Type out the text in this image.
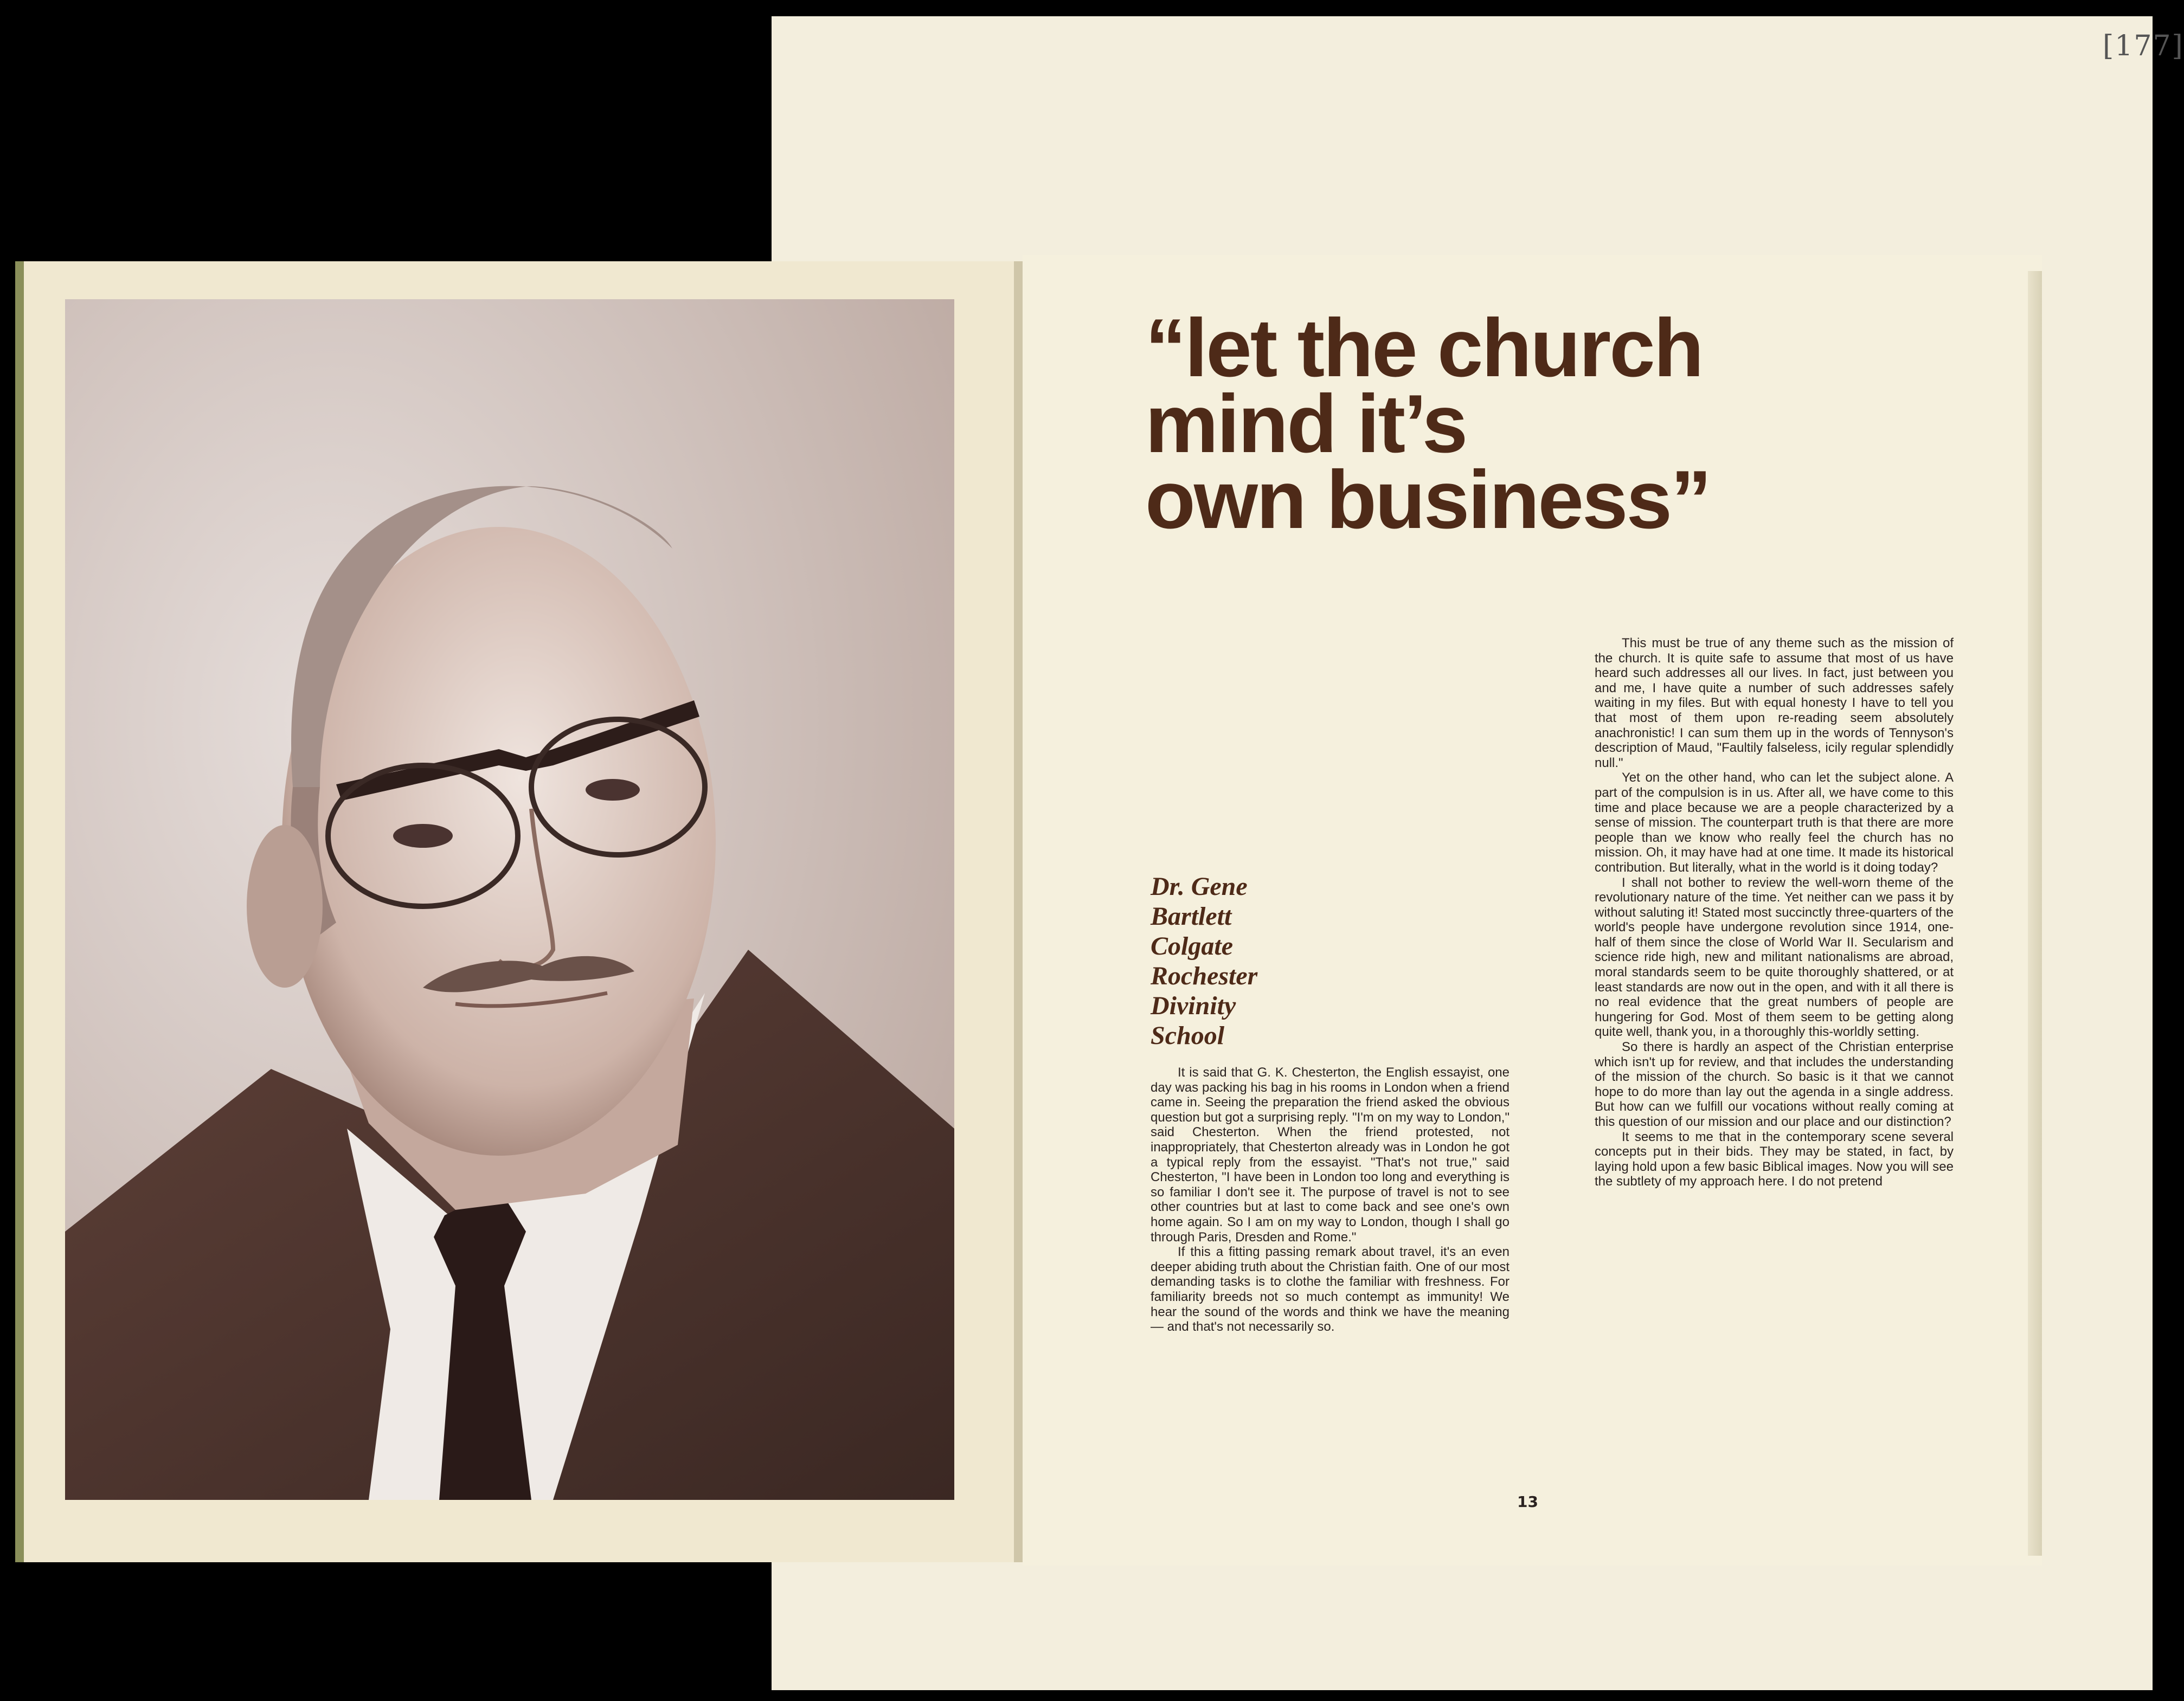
[177]
“let the church
mind it’s
own business”
Dr. Gene
Bartlett
Colgate
Rochester
Divinity
School

It is said that G. K. Chesterton, the English essayist, one day was packing his bag in his rooms in London when a friend came in. Seeing the preparation the friend asked the obvious question but got a surprising reply. "I'm on my way to London," said Chesterton. When the friend protested, not inappropriately, that Chesterton already was in London he got a typical reply from the essayist. "That's not true," said Chesterton, "I have been in London too long and everything is so familiar I don't see it. The purpose of travel is not to see other countries but at last to come back and see one's own home again. So I am on my way to London, though I shall go through Paris, Dresden and Rome."

If this a fitting passing remark about travel, it's an even deeper abiding truth about the Christian faith. One of our most demanding tasks is to clothe the familiar with freshness. For familiarity breeds not so much contempt as immunity! We hear the sound of the words and think we have the meaning — and that's not necessarily so.

This must be true of any theme such as the mission of the church. It is quite safe to assume that most of us have heard such addresses all our lives. In fact, just between you and me, I have quite a number of such addresses safely waiting in my files. But with equal honesty I have to tell you that most of them upon re-reading seem absolutely anachronistic! I can sum them up in the words of Tennyson's description of Maud, "Faultily falseless, icily regular splendidly null."

Yet on the other hand, who can let the subject alone. A part of the compulsion is in us. After all, we have come to this time and place because we are a people characterized by a sense of mission. The counterpart truth is that there are more people than we know who really feel the church has no mission. Oh, it may have had at one time. It made its historical contribution. But literally, what in the world is it doing today?

I shall not bother to review the well-worn theme of the revolutionary nature of the time. Yet neither can we pass it by without saluting it! Stated most succinctly three-quarters of the world's people have undergone revolution since 1914, one-half of them since the close of World War II. Secularism and science ride high, new and militant nationalisms are abroad, moral standards seem to be quite thoroughly shattered, or at least standards are now out in the open, and with it all there is no real evidence that the great numbers of people are hungering for God. Most of them seem to be getting along quite well, thank you, in a thoroughly this-worldly setting.

So there is hardly an aspect of the Christian enterprise which isn't up for review, and that includes the understanding of the mission of the church. So basic is it that we cannot hope to do more than lay out the agenda in a single address. But how can we fulfill our vocations without really coming at this question of our mission and our place and our distinction?

It seems to me that in the contemporary scene several concepts put in their bids. They may be stated, in fact, by laying hold upon a few basic Biblical images. Now you will see the subtlety of my approach here. I do not pretend

13
